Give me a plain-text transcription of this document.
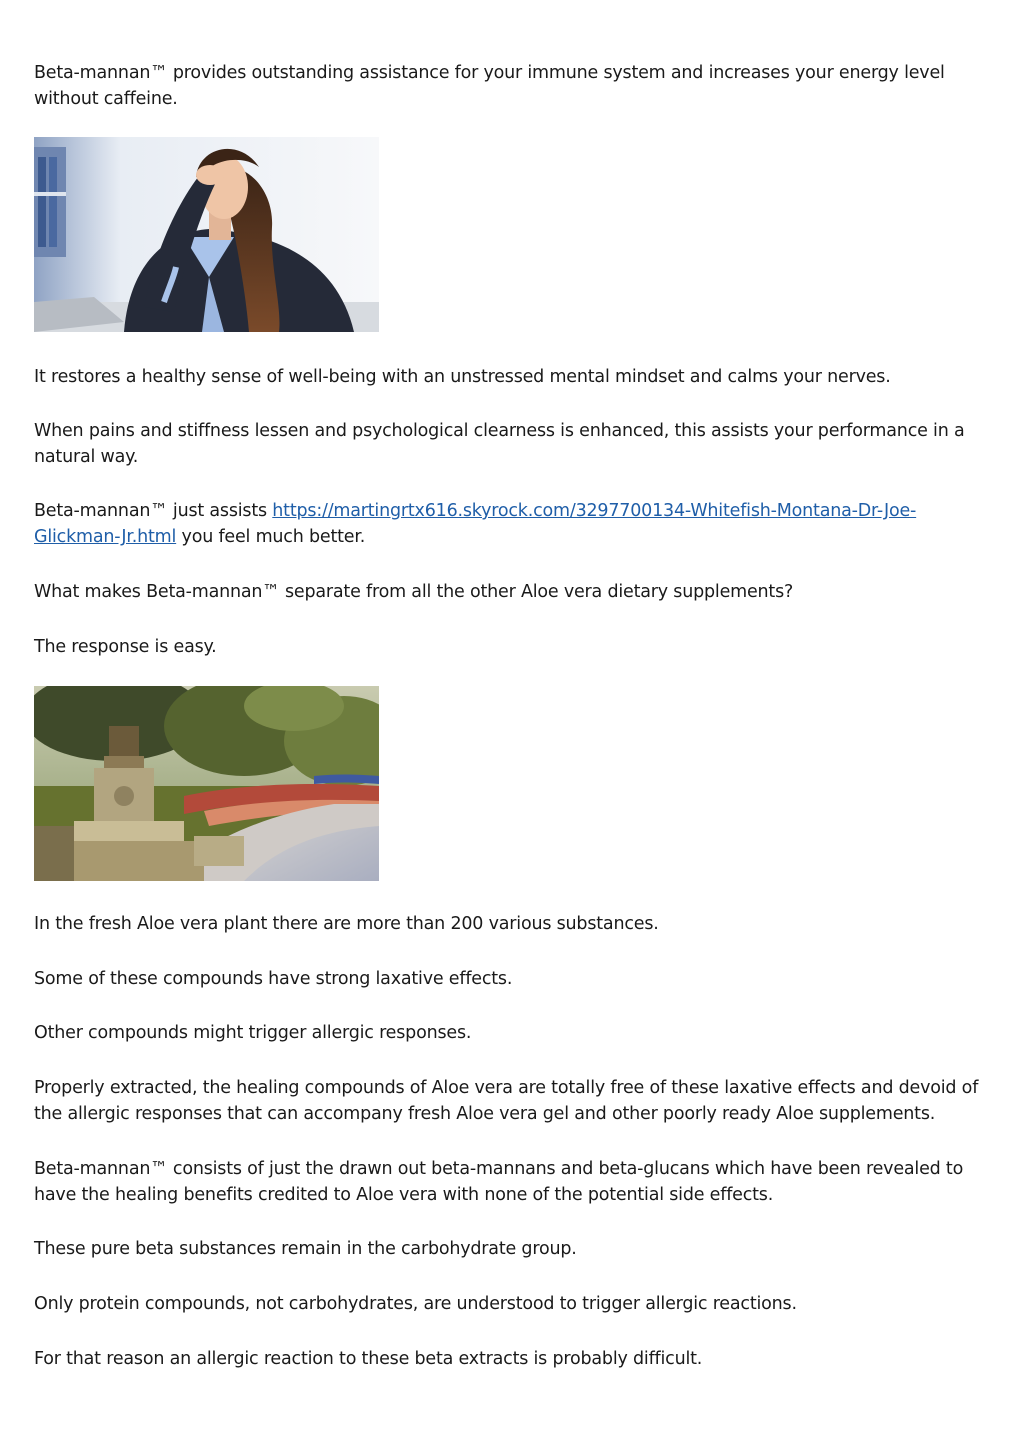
Beta-mannan™ provides outstanding assistance for your immune system and increases your energy level without caffeine.

It restores a healthy sense of well-being with an unstressed mental mindset and calms your nerves.

When pains and stiffness lessen and psychological clearness is enhanced, this assists your performance in a natural way.

Beta-mannan™ just assists https://martingrtx616.skyrock.com/3297700134-Whitefish-Montana-Dr-Joe-Glickman-Jr.html you feel much better.

What makes Beta-mannan™ separate from all the other Aloe vera dietary supplements?

The response is easy.

In the fresh Aloe vera plant there are more than 200 various substances.

Some of these compounds have strong laxative effects.

Other compounds might trigger allergic responses.

Properly extracted, the healing compounds of Aloe vera are totally free of these laxative effects and devoid of the allergic responses that can accompany fresh Aloe vera gel and other poorly ready Aloe supplements.

Beta-mannan™ consists of just the drawn out beta-mannans and beta-glucans which have been revealed to have the healing benefits credited to Aloe vera with none of the potential side effects.

These pure beta substances remain in the carbohydrate group.

Only protein compounds, not carbohydrates, are understood to trigger allergic reactions.

For that reason an allergic reaction to these beta extracts is probably difficult.
